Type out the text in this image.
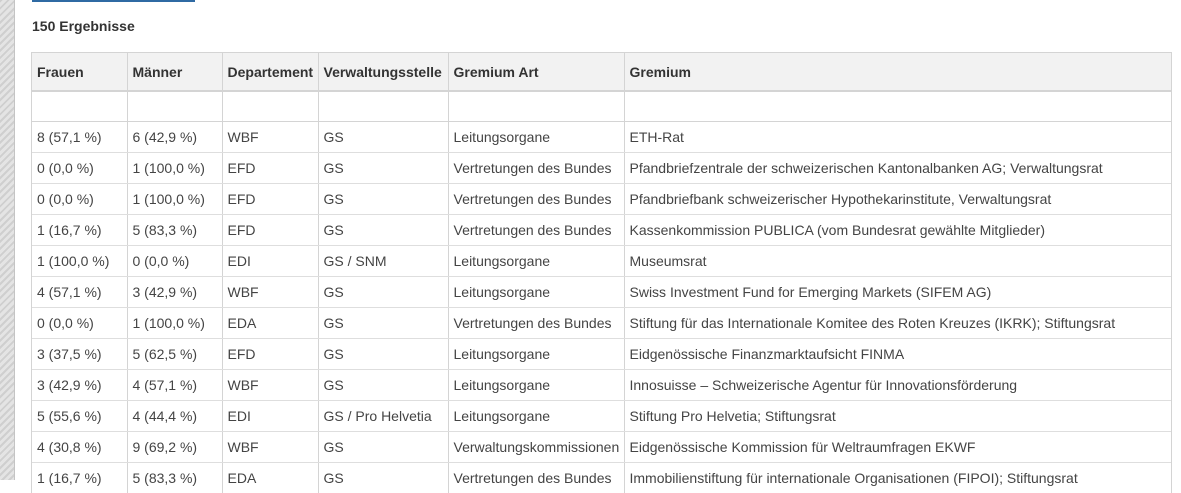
150 Ergebnisse
Frauen	Männer	Departement	Verwaltungsstelle	Gremium Art	Gremium

8 (57,1 %)	6 (42,9 %)	WBF	GS	Leitungsorgane	ETH-Rat
0 (0,0 %)	1 (100,0 %)	EFD	GS	Vertretungen des Bundes	Pfandbriefzentrale der schweizerischen Kantonalbanken AG; Verwaltungsrat
0 (0,0 %)	1 (100,0 %)	EFD	GS	Vertretungen des Bundes	Pfandbriefbank schweizerischer Hypothekarinstitute, Verwaltungsrat
1 (16,7 %)	5 (83,3 %)	EFD	GS	Vertretungen des Bundes	Kassenkommission PUBLICA (vom Bundesrat gewählte Mitglieder)
1 (100,0 %)	0 (0,0 %)	EDI	GS / SNM	Leitungsorgane	Museumsrat
4 (57,1 %)	3 (42,9 %)	WBF	GS	Leitungsorgane	Swiss Investment Fund for Emerging Markets (SIFEM AG)
0 (0,0 %)	1 (100,0 %)	EDA	GS	Vertretungen des Bundes	Stiftung für das Internationale Komitee des Roten Kreuzes (IKRK); Stiftungsrat
3 (37,5 %)	5 (62,5 %)	EFD	GS	Leitungsorgane	Eidgenössische Finanzmarktaufsicht FINMA
3 (42,9 %)	4 (57,1 %)	WBF	GS	Leitungsorgane	Innosuisse – Schweizerische Agentur für Innovationsförderung
5 (55,6 %)	4 (44,4 %)	EDI	GS / Pro Helvetia	Leitungsorgane	Stiftung Pro Helvetia; Stiftungsrat
4 (30,8 %)	9 (69,2 %)	WBF	GS	Verwaltungskommissionen	Eidgenössische Kommission für Weltraumfragen EKWF
1 (16,7 %)	5 (83,3 %)	EDA	GS	Vertretungen des Bundes	Immobilienstiftung für internationale Organisationen (FIPOI); Stiftungsrat
